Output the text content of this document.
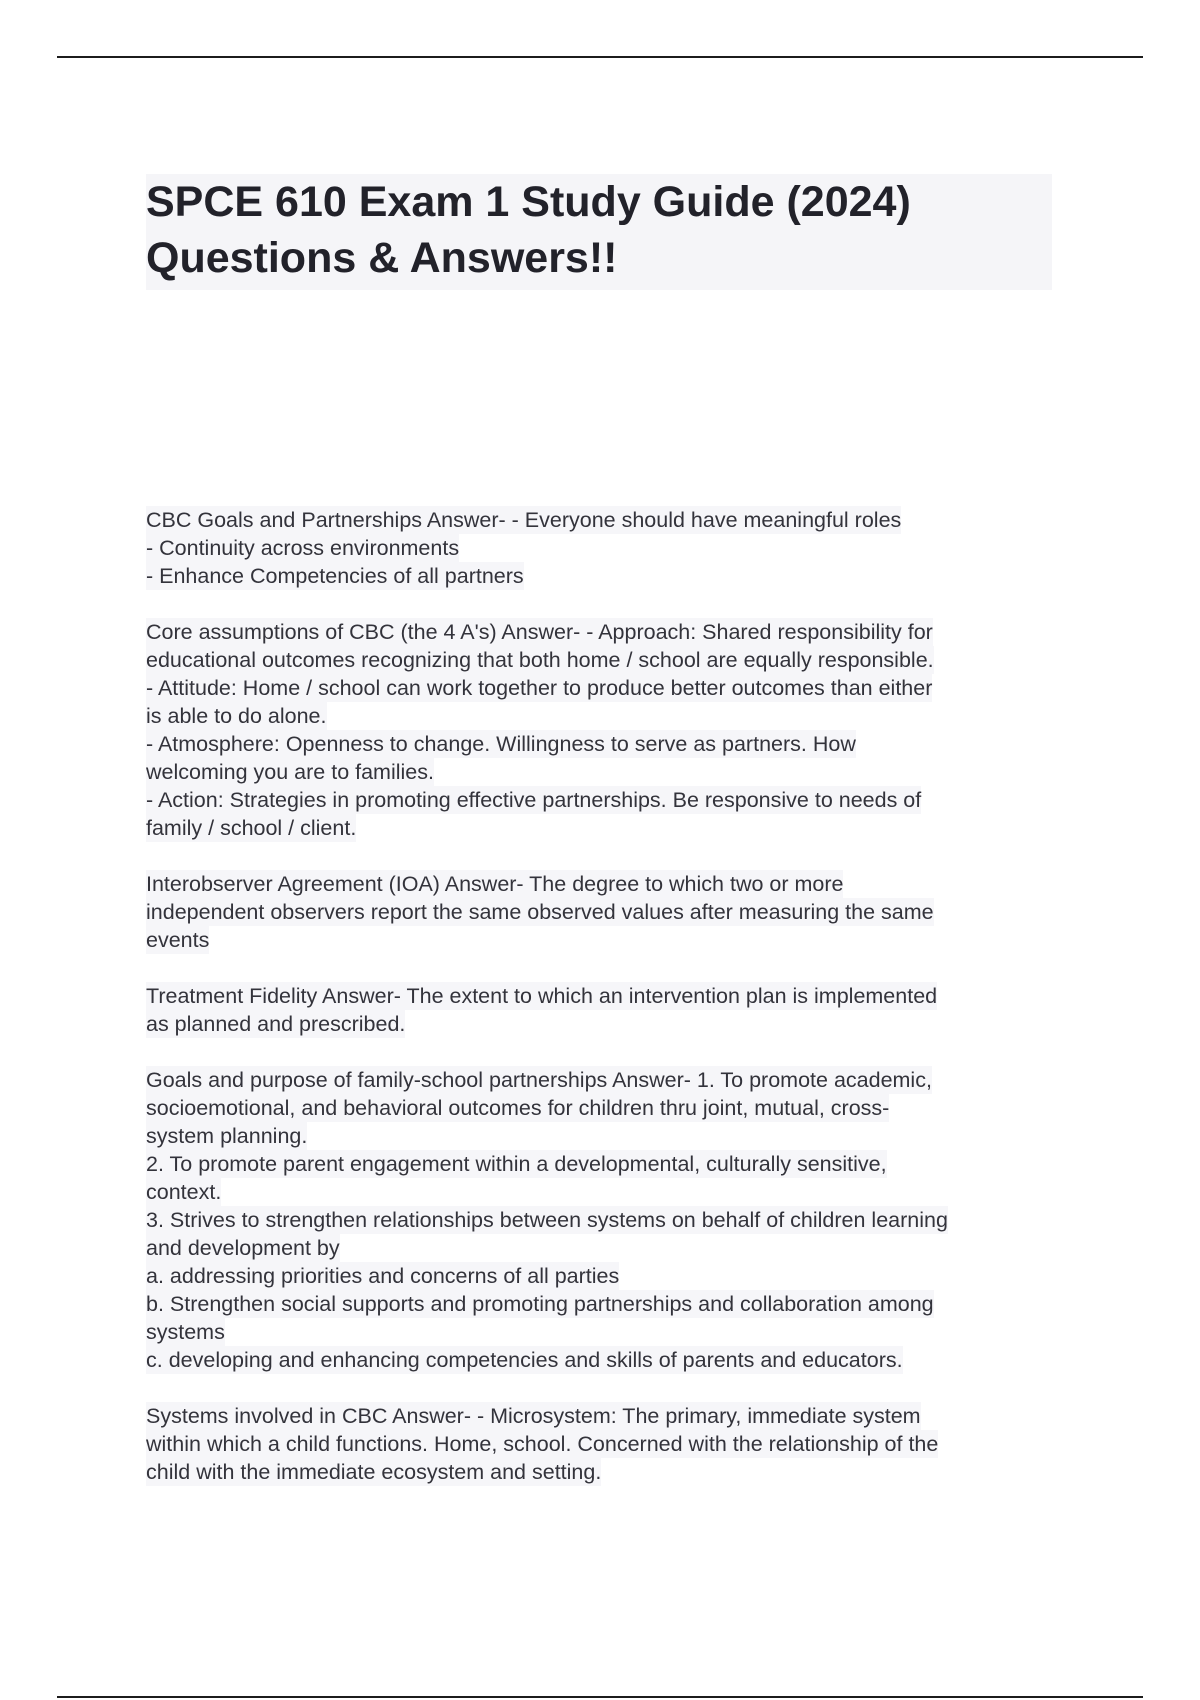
SPCE 610 Exam 1 Study Guide (2024)
Questions & Answers!!
CBC Goals and Partnerships Answer- - Everyone should have meaningful roles
- Continuity across environments
- Enhance Competencies of all partners
Core assumptions of CBC (the 4 A's) Answer- - Approach: Shared responsibility for
educational outcomes recognizing that both home / school are equally responsible.
- Attitude: Home / school can work together to produce better outcomes than either
is able to do alone.
- Atmosphere: Openness to change. Willingness to serve as partners. How
welcoming you are to families.
- Action: Strategies in promoting effective partnerships. Be responsive to needs of
family / school / client.
Interobserver Agreement (IOA) Answer- The degree to which two or more
independent observers report the same observed values after measuring the same
events
Treatment Fidelity Answer- The extent to which an intervention plan is implemented
as planned and prescribed.
Goals and purpose of family-school partnerships Answer- 1. To promote academic,
socioemotional, and behavioral outcomes for children thru joint, mutual, cross-
system planning.
2. To promote parent engagement within a developmental, culturally sensitive,
context.
3. Strives to strengthen relationships between systems on behalf of children learning
and development by
a. addressing priorities and concerns of all parties
b. Strengthen social supports and promoting partnerships and collaboration among
systems
c. developing and enhancing competencies and skills of parents and educators.
Systems involved in CBC Answer- - Microsystem: The primary, immediate system
within which a child functions. Home, school. Concerned with the relationship of the
child with the immediate ecosystem and setting.
